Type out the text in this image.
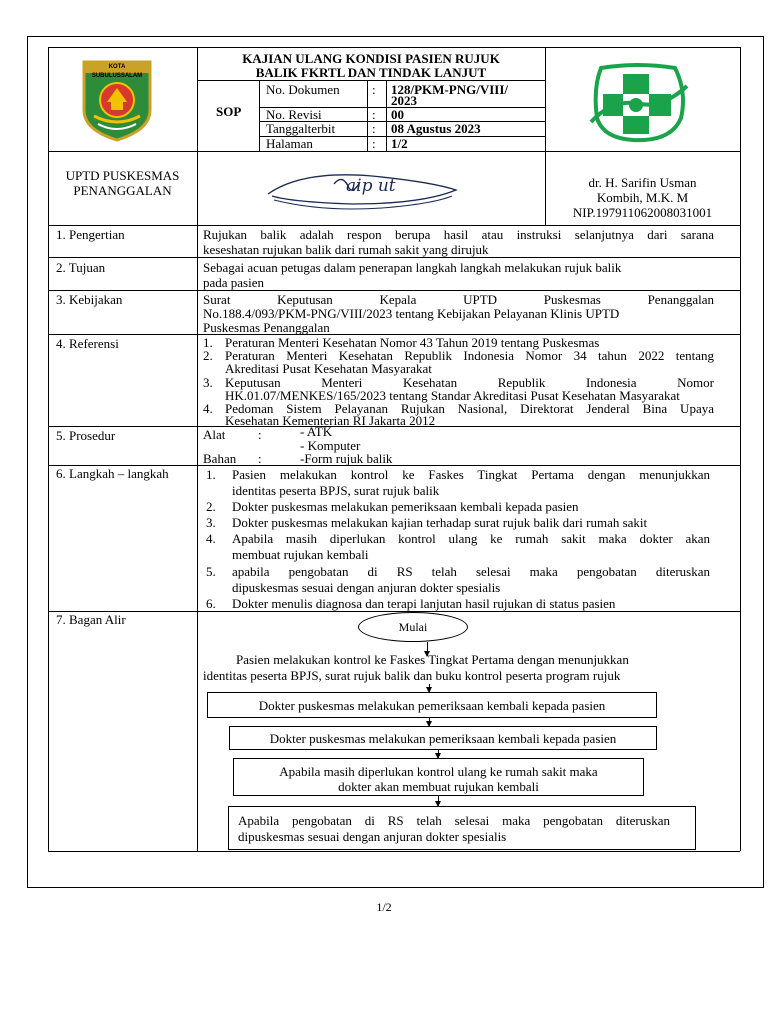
KOTA SUBULUSSALAM
KAJIAN ULANG KONDISI PASIEN RUJUK
BALIK FKRTL DAN TINDAK LANJUT
SOP
No. Dokumen : 128/PKM-PNG/VIII/
2023
No. Revisi	: 00
Tanggalterbit	: 08 Agustus 2023
Halaman	: 1/2
UPTD PUSKESMAS
PENANGGALAN	aip ut	dr. H. Sarifin Usman
Kombih, M.K. M
NIP.197911062008031001
1. Pengertian	Rujukan balik adalah respon berupa hasil atau instruksi selanjutnya dari sarana
keseshatan rujukan balik dari rumah sakit yang dirujuk
2. Tujuan	Sebagai acuan petugas dalam penerapan langkah langkah melakukan rujuk balik
pada pasien
3. Kebijakan	Surat Keputusan Kepala UPTD Puskesmas Penanggalan
No.188.4/093/PKM-PNG/VIII/2023 tentang Kebijakan Pelayanan Klinis UPTD
Puskesmas Penanggalan
4. Referensi	1. Peraturan Menteri Kesehatan Nomor 43 Tahun 2019 tentang Puskesmas
2. Peraturan Menteri Kesehatan Republik Indonesia Nomor 34 tahun 2022 tentang
Akreditasi Pusat Kesehatan Masyarakat
3. Keputusan Menteri Kesehatan Republik Indonesia Nomor
HK.01.07/MENKES/165/2023 tentang Standar Akreditasi Pusat Kesehatan Masyarakat
4. Pedoman Sistem Pelayanan Rujukan Nasional, Direktorat Jenderal Bina Upaya
Kesehatan Kementerian RI Jakarta 2012
5. Prosedur	Alat	:	- ATK
- Komputer
Bahan :	-Form rujuk balik
6. Langkah – langkah	1. Pasien melakukan kontrol ke Faskes Tingkat Pertama dengan menunjukkan
identitas peserta BPJS, surat rujuk balik
2. Dokter puskesmas melakukan pemeriksaan kembali kepada pasien
3. Dokter puskesmas melakukan kajian terhadap surat rujuk balik dari rumah sakit
4. Apabila masih diperlukan kontrol ulang ke rumah sakit maka dokter akan
membuat rujukan kembali
5. apabila pengobatan di RS telah selesai maka pengobatan diteruskan
dipuskesmas sesuai dengan anjuran dokter spesialis
6. Dokter menulis diagnosa dan terapi lanjutan hasil rujukan di status pasien
7. Bagan Alir	Mulai
Pasien melakukan kontrol ke Faskes Tingkat Pertama dengan menunjukkan
identitas peserta BPJS, surat rujuk balik dan buku kontrol peserta program rujuk
Dokter puskesmas melakukan pemeriksaan kembali kepada pasien
Dokter puskesmas melakukan pemeriksaan kembali kepada pasien
Apabila masih diperlukan kontrol ulang ke rumah sakit maka
dokter akan membuat rujukan kembali
Apabila pengobatan di RS telah selesai maka pengobatan diteruskan
dipuskesmas sesuai dengan anjuran dokter spesialis
1/2
